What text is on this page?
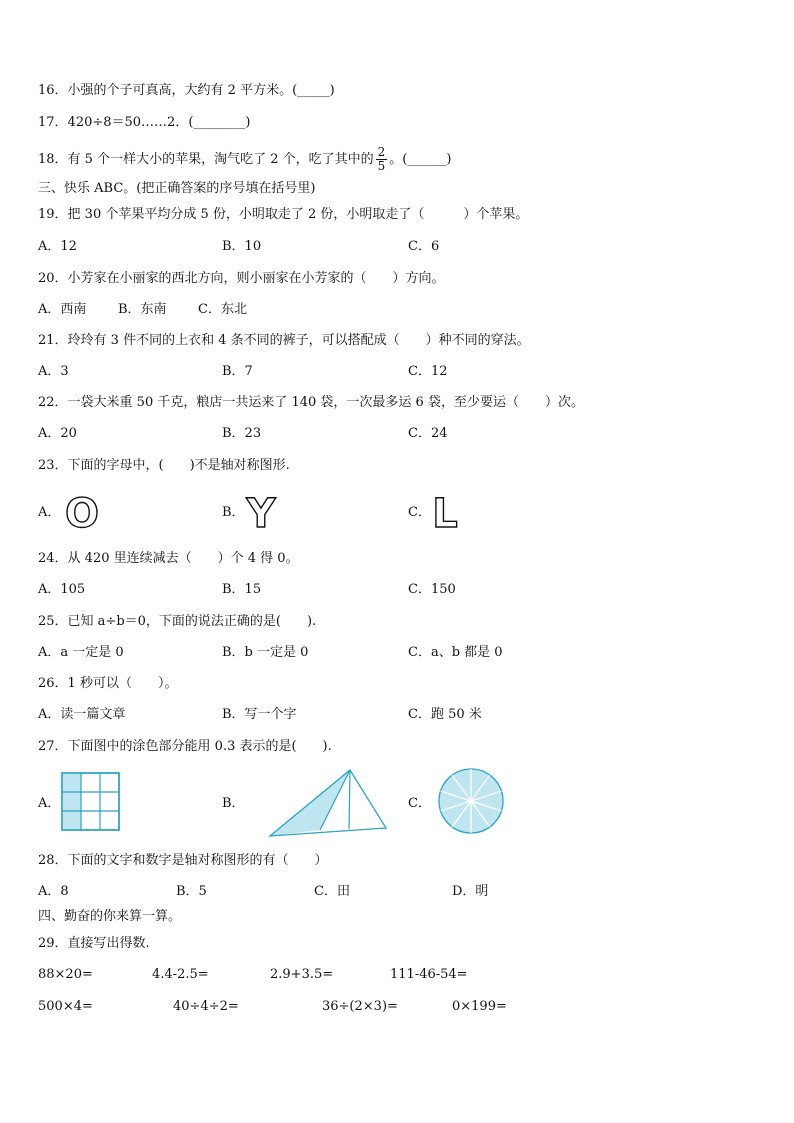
16．小强的个子可真高，大约有 2 平方米。(_____)
17．420÷8＝50……2．(________)
18．有 5 个一样大小的苹果，淘气吃了 2 个，吃了其中的 $\frac{2}{5}$ 。(______)
三、快乐 ABC。(把正确答案的序号填在括号里)
19．把 30 个苹果平均分成 5 份，小明取走了 2 份，小明取走了（　　　）个苹果。
A．12	B．10	C．6
20．小芳家在小丽家的西北方向，则小丽家在小芳家的（　　）方向。
A．西南 B．东南 C．东北
21．玲玲有 3 件不同的上衣和 4 条不同的裤子，可以搭配成（　　）种不同的穿法。
A．3	B．7	C．12
22．一袋大米重 50 千克，粮店一共运来了 140 袋，一次最多运 6 袋，至少要运（　　）次。
A．20	B．23	C．24
23．下面的字母中，(　　)不是轴对称图形.
A． O	B． Y	C． L
24．从 420 里连续减去（　　）个 4 得 0。
A．105	B．15	C．150
25．已知 a÷b＝0，下面的说法正确的是(　　).
A．a 一定是 0	B．b 一定是 0	C．a、b 都是 0
26．1 秒可以（　　）。
A．读一篇文章	B．写一个字	C．跑 50 米
27．下面图中的涂色部分能用 0.3 表示的是(　　).
A．	B．	C．
28．下面的文字和数字是轴对称图形的有（　　）
A．8	B．5	C．田	D．明
四、勤奋的你来算一算。
29．直接写出得数.
88×20=	4.4-2.5=	2.9+3.5=	111-46-54=
500×4=	40÷4÷2=	36÷(2×3)=	0×199=
